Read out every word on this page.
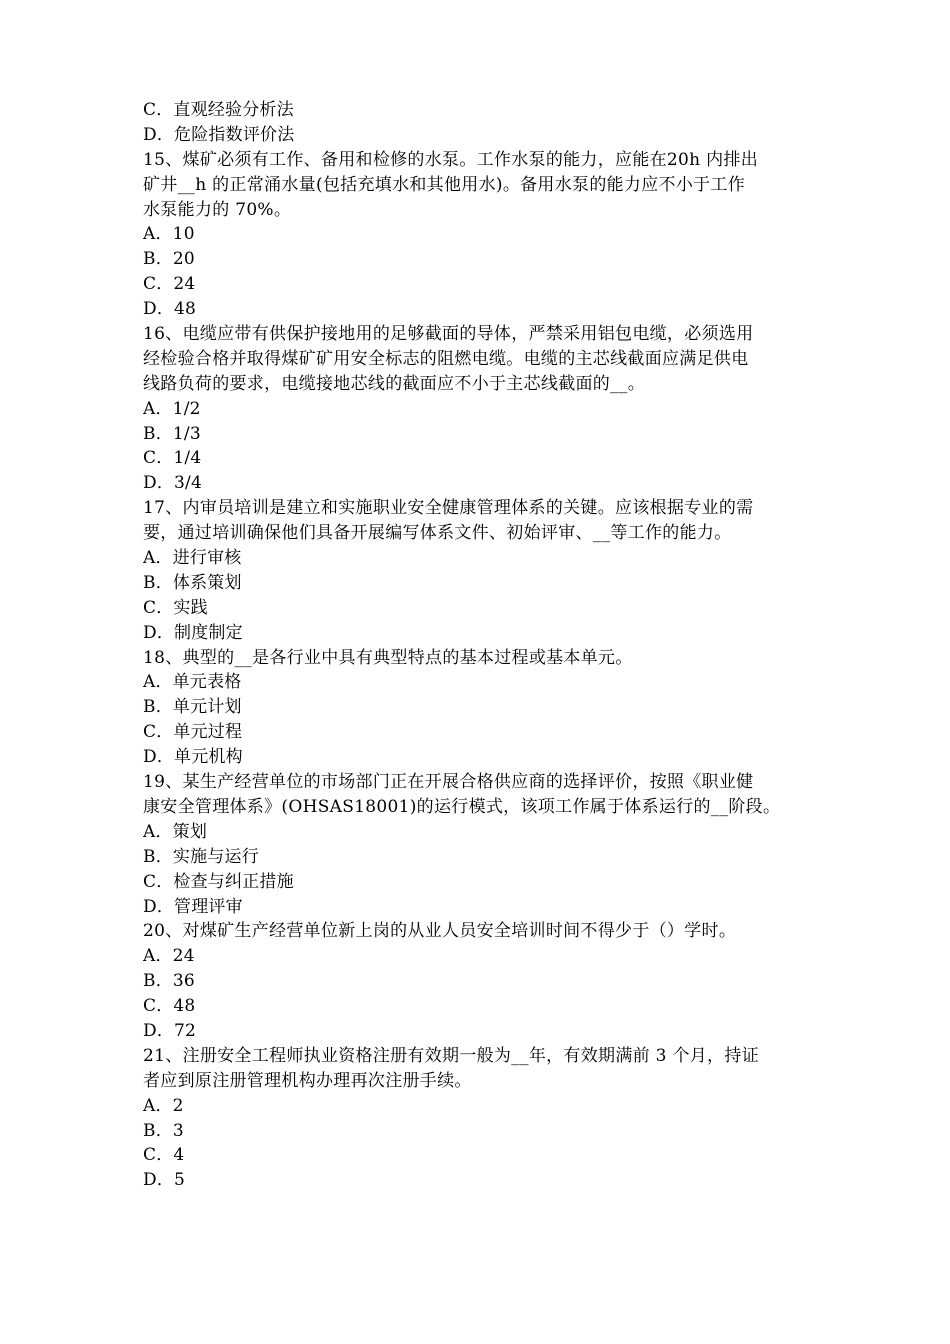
C．直观经验分析法
D．危险指数评价法
15、煤矿必须有工作、备用和检修的水泵。工作水泵的能力，应能在20h 内排出
矿井__h 的正常涌水量(包括充填水和其他用水)。备用水泵的能力应不小于工作
水泵能力的 70%。
A．10
B．20
C．24
D．48
16、电缆应带有供保护接地用的足够截面的导体，严禁采用铝包电缆，必须选用
经检验合格并取得煤矿矿用安全标志的阻燃电缆。电缆的主芯线截面应满足供电
线路负荷的要求，电缆接地芯线的截面应不小于主芯线截面的__。
A．1/2
B．1/3
C．1/4
D．3/4
17、内审员培训是建立和实施职业安全健康管理体系的关键。应该根据专业的需
要，通过培训确保他们具备开展编写体系文件、初始评审、__等工作的能力。
A．进行审核
B．体系策划
C．实践
D．制度制定
18、典型的__是各行业中具有典型特点的基本过程或基本单元。
A．单元表格
B．单元计划
C．单元过程
D．单元机构
19、某生产经营单位的市场部门正在开展合格供应商的选择评价，按照《职业健
康安全管理体系》(OHSAS18001)的运行模式，该项工作属于体系运行的__阶段。
A．策划
B．实施与运行
C．检查与纠正措施
D．管理评审
20、对煤矿生产经营单位新上岗的从业人员安全培训时间不得少于（）学时。
A．24
B．36
C．48
D．72
21、注册安全工程师执业资格注册有效期一般为__年，有效期满前 3 个月，持证
者应到原注册管理机构办理再次注册手续。
A．2
B．3
C．4
D．5
